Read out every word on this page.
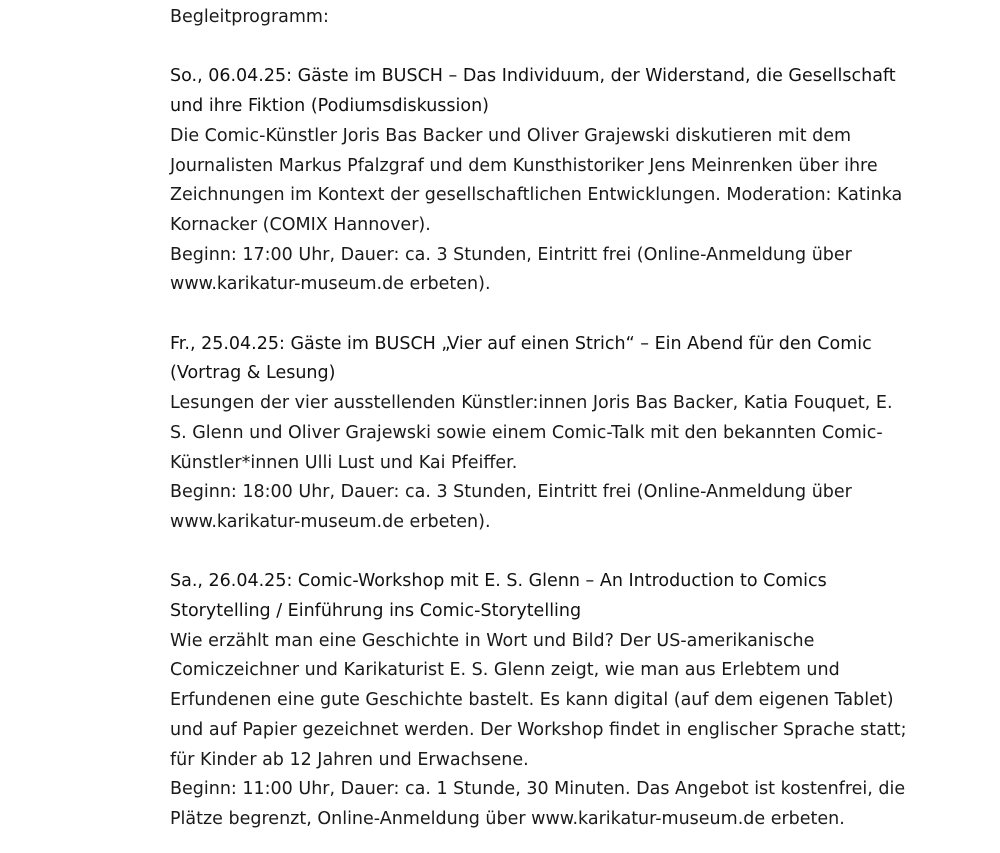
Begleitprogramm:

So., 06.04.25: Gäste im BUSCH – Das Individuum, der Widerstand, die Gesellschaft und ihre Fiktion (Podiumsdiskussion)
Die Comic-Künstler Joris Bas Backer und Oliver Grajewski diskutieren mit dem Journalisten Markus Pfalzgraf und dem Kunsthistoriker Jens Meinrenken über ihre Zeichnungen im Kontext der gesellschaftlichen Entwicklungen. Moderation: Katinka Kornacker (COMIX Hannover).
Beginn: 17:00 Uhr, Dauer: ca. 3 Stunden, Eintritt frei (Online-Anmeldung über www.karikatur-museum.de erbeten).
Fr., 25.04.25: Gäste im BUSCH „Vier auf einen Strich“ – Ein Abend für den Comic (Vortrag & Lesung)
Lesungen der vier ausstellenden Künstler:innen Joris Bas Backer, Katia Fouquet, E. S. Glenn und Oliver Grajewski sowie einem Comic-Talk mit den bekannten Comic-Künstler*innen Ulli Lust und Kai Pfeiffer.
Beginn: 18:00 Uhr, Dauer: ca. 3 Stunden, Eintritt frei (Online-Anmeldung über www.karikatur-museum.de erbeten).
Sa., 26.04.25: Comic-Workshop mit E. S. Glenn – An Introduction to Comics Storytelling / Einführung ins Comic-Storytelling
Wie erzählt man eine Geschichte in Wort und Bild? Der US-amerikanische Comiczeichner und Karikaturist E. S. Glenn zeigt, wie man aus Erlebtem und Erfundenen eine gute Geschichte bastelt. Es kann digital (auf dem eigenen Tablet) und auf Papier gezeichnet werden. Der Workshop findet in englischer Sprache statt; für Kinder ab 12 Jahren und Erwachsene.
Beginn: 11:00 Uhr, Dauer: ca. 1 Stunde, 30 Minuten. Das Angebot ist kostenfrei, die Plätze begrenzt, Online-Anmeldung über www.karikatur-museum.de erbeten.
